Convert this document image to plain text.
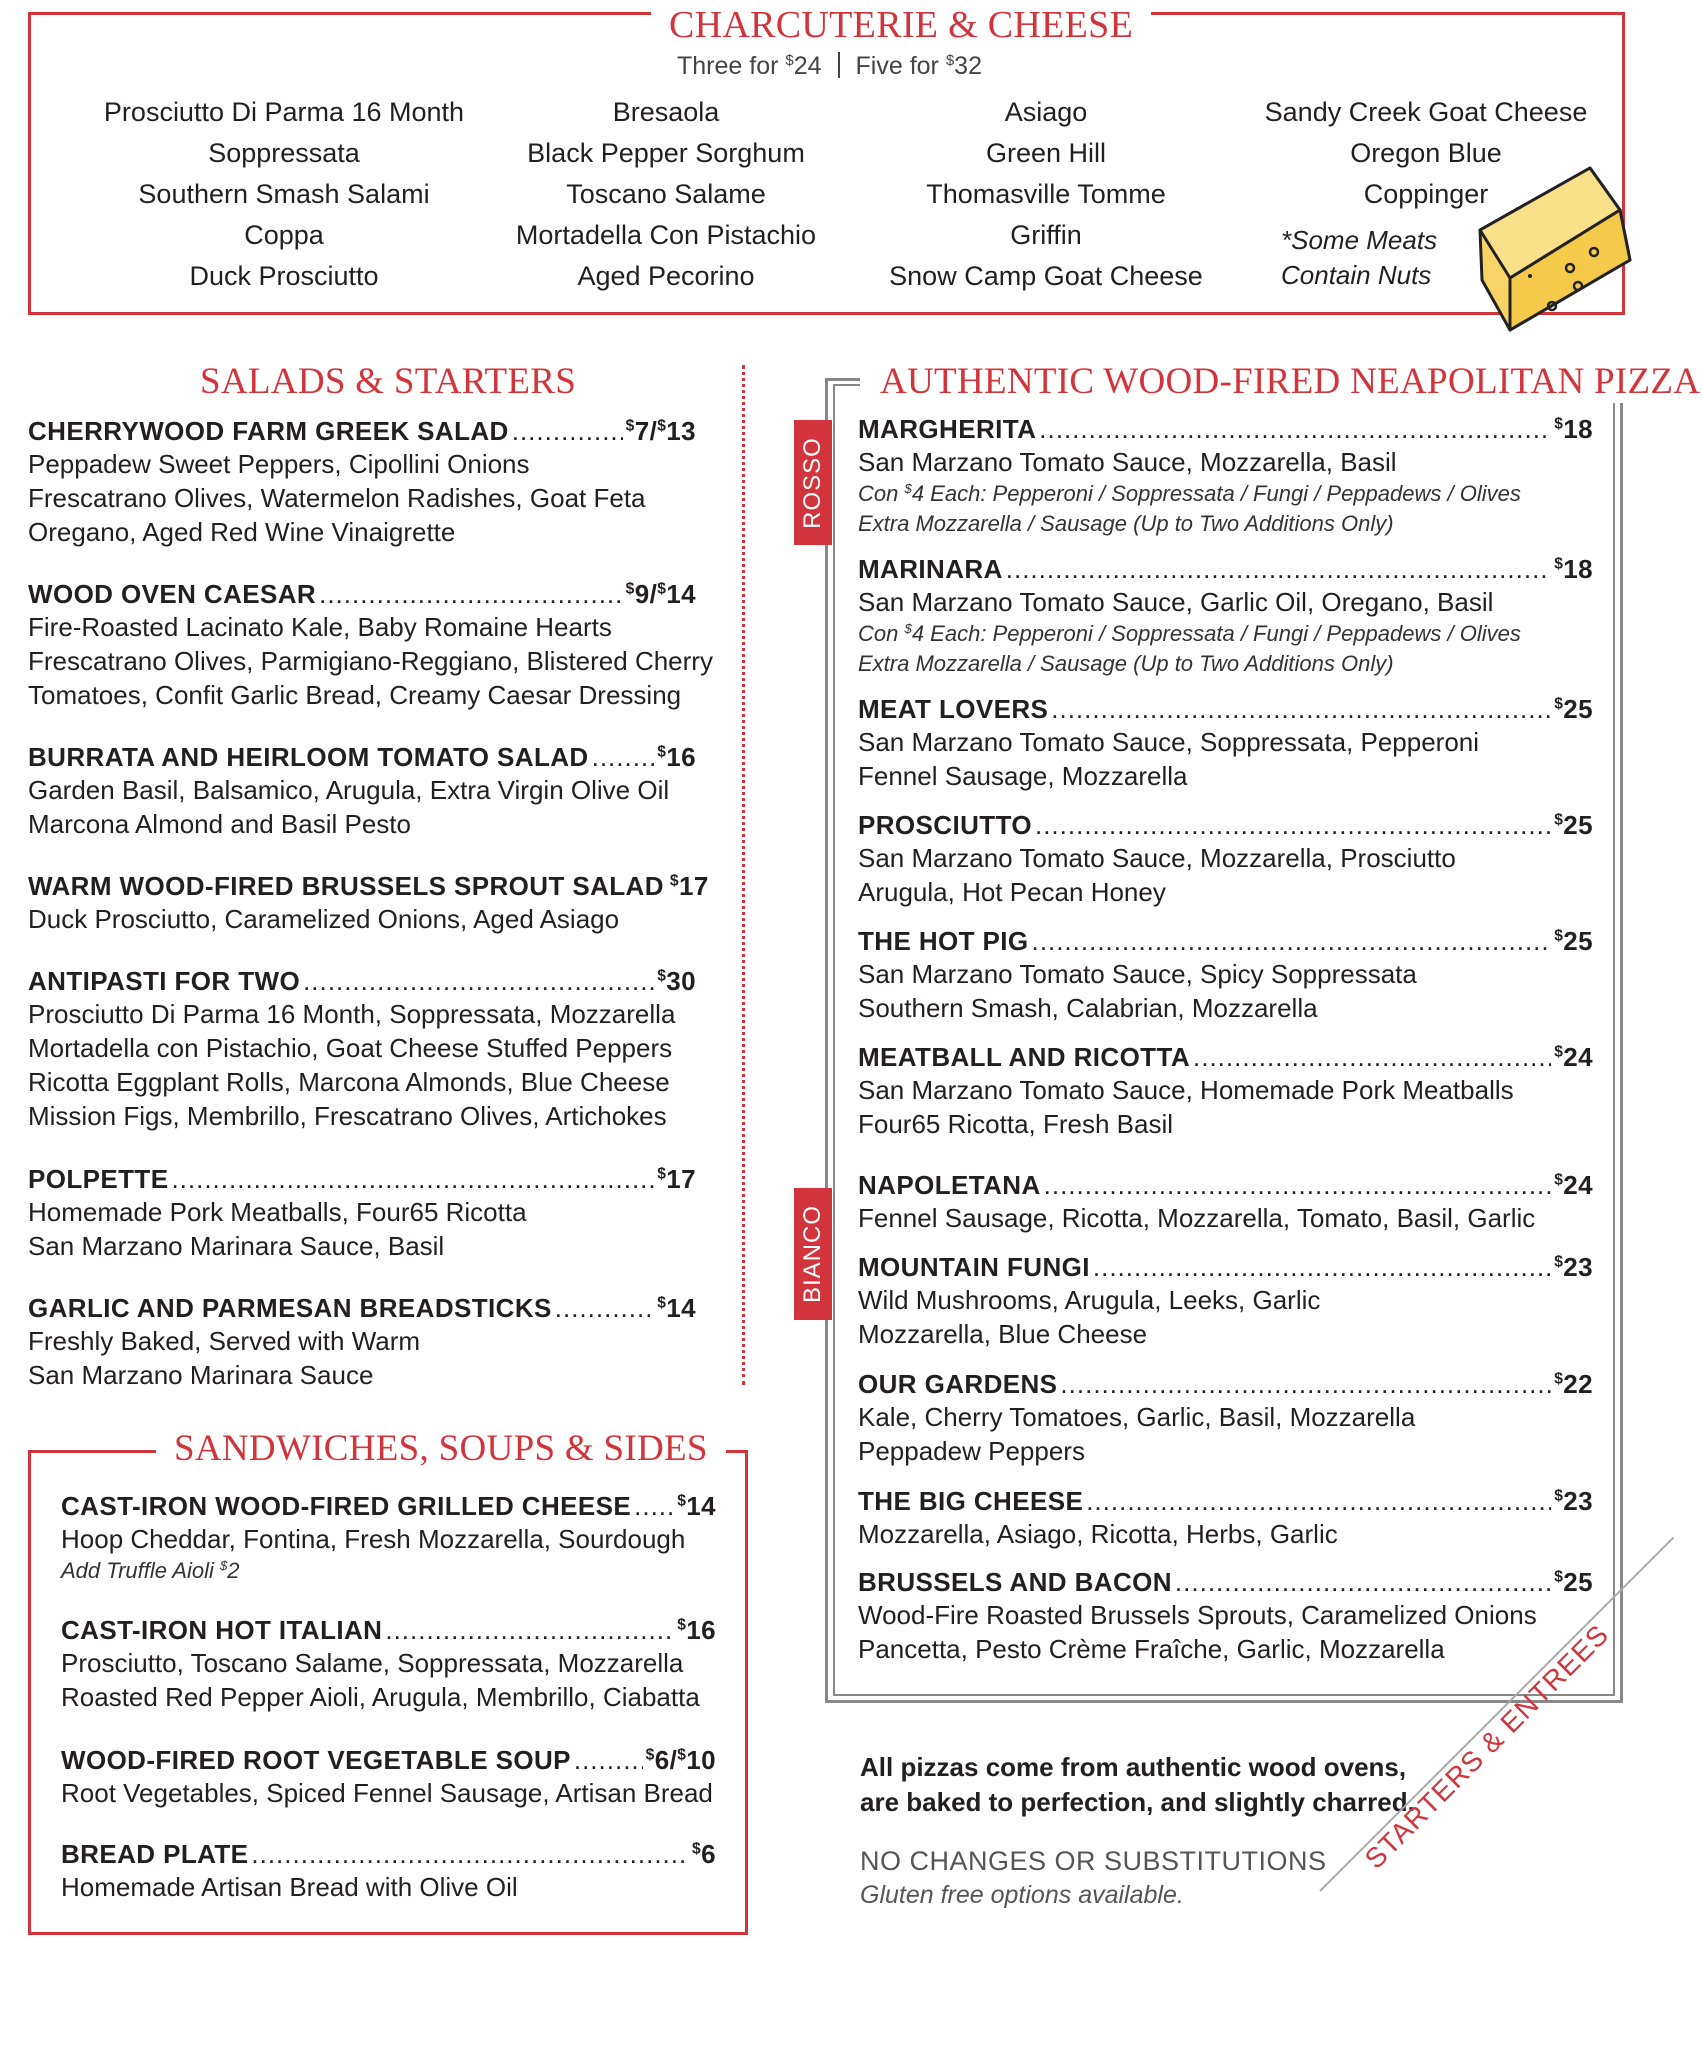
CHARCUTERIE & CHEESE
Three for $24 Five for $32
Prosciutto Di Parma 16 Month
Soppressata
Southern Smash Salami
Coppa
Duck Prosciutto
Bresaola
Black Pepper Sorghum
Toscano Salame
Mortadella Con Pistachio
Aged Pecorino
Asiago
Green Hill
Thomasville Tomme
Griffin
Snow Camp Goat Cheese
Sandy Creek Goat Cheese
Oregon Blue
Coppinger
*Some Meats
Contain Nuts
SALADS & STARTERS
CHERRYWOOD FARM GREEK SALAD .....	$7/$13
Peppadew Sweet Peppers, Cipollini Onions
Frescatrano Olives, Watermelon Radishes, Goat Feta
Oregano, Aged Red Wine Vinaigrette
WOOD OVEN CAESAR .....	$9/$14
Fire-Roasted Lacinato Kale, Baby Romaine Hearts
Frescatrano Olives, Parmigiano-Reggiano, Blistered Cherry
Tomatoes, Confit Garlic Bread, Creamy Caesar Dressing
BURRATA AND HEIRLOOM TOMATO SALAD .....	$16
Garden Basil, Balsamico, Arugula, Extra Virgin Olive Oil
Marcona Almond and Basil Pesto
WARM WOOD-FIRED BRUSSELS SPROUT SALAD $17
Duck Prosciutto, Caramelized Onions, Aged Asiago
ANTIPASTI FOR TWO .....	$30
Prosciutto Di Parma 16 Month, Soppressata, Mozzarella
Mortadella con Pistachio, Goat Cheese Stuffed Peppers
Ricotta Eggplant Rolls, Marcona Almonds, Blue Cheese
Mission Figs, Membrillo, Frescatrano Olives, Artichokes
POLPETTE .....	$17
Homemade Pork Meatballs, Four65 Ricotta
San Marzano Marinara Sauce, Basil
GARLIC AND PARMESAN BREADSTICKS .....	$14
Freshly Baked, Served with Warm
San Marzano Marinara Sauce
SANDWICHES, SOUPS & SIDES
CAST-IRON WOOD-FIRED GRILLED CHEESE .....	$14
Hoop Cheddar, Fontina, Fresh Mozzarella, Sourdough
Add Truffle Aioli $2
CAST-IRON HOT ITALIAN .....	$16
Prosciutto, Toscano Salame, Soppressata, Mozzarella
Roasted Red Pepper Aioli, Arugula, Membrillo, Ciabatta
WOOD-FIRED ROOT VEGETABLE SOUP .....	$6/$10
Root Vegetables, Spiced Fennel Sausage, Artisan Bread
BREAD PLATE .....	$6
Homemade Artisan Bread with Olive Oil
AUTHENTIC WOOD-FIRED NEAPOLITAN PIZZA
ROSSO
BIANCO
MARGHERITA .....	$18
San Marzano Tomato Sauce, Mozzarella, Basil
Con $4 Each: Pepperoni / Soppressata / Fungi / Peppadews / Olives
Extra Mozzarella / Sausage (Up to Two Additions Only)
MARINARA .....	$18
San Marzano Tomato Sauce, Garlic Oil, Oregano, Basil
Con $4 Each: Pepperoni / Soppressata / Fungi / Peppadews / Olives
Extra Mozzarella / Sausage (Up to Two Additions Only)
MEAT LOVERS .....	$25
San Marzano Tomato Sauce, Soppressata, Pepperoni
Fennel Sausage, Mozzarella
PROSCIUTTO .....	$25
San Marzano Tomato Sauce, Mozzarella, Prosciutto
Arugula, Hot Pecan Honey
THE HOT PIG .....	$25
San Marzano Tomato Sauce, Spicy Soppressata
Southern Smash, Calabrian, Mozzarella
MEATBALL AND RICOTTA .....	$24
San Marzano Tomato Sauce, Homemade Pork Meatballs
Four65 Ricotta, Fresh Basil
NAPOLETANA .....	$24
Fennel Sausage, Ricotta, Mozzarella, Tomato, Basil, Garlic
MOUNTAIN FUNGI .....	$23
Wild Mushrooms, Arugula, Leeks, Garlic
Mozzarella, Blue Cheese
OUR GARDENS .....	$22
Kale, Cherry Tomatoes, Garlic, Basil, Mozzarella
Peppadew Peppers
THE BIG CHEESE .....	$23
Mozzarella, Asiago, Ricotta, Herbs, Garlic
BRUSSELS AND BACON .....	$25
Wood-Fire Roasted Brussels Sprouts, Caramelized Onions
Pancetta, Pesto Crème Fraîche, Garlic, Mozzarella
All pizzas come from authentic wood ovens,
are baked to perfection, and slightly charred.
NO CHANGES OR SUBSTITUTIONS
Gluten free options available.
STARTERS & ENTREES
